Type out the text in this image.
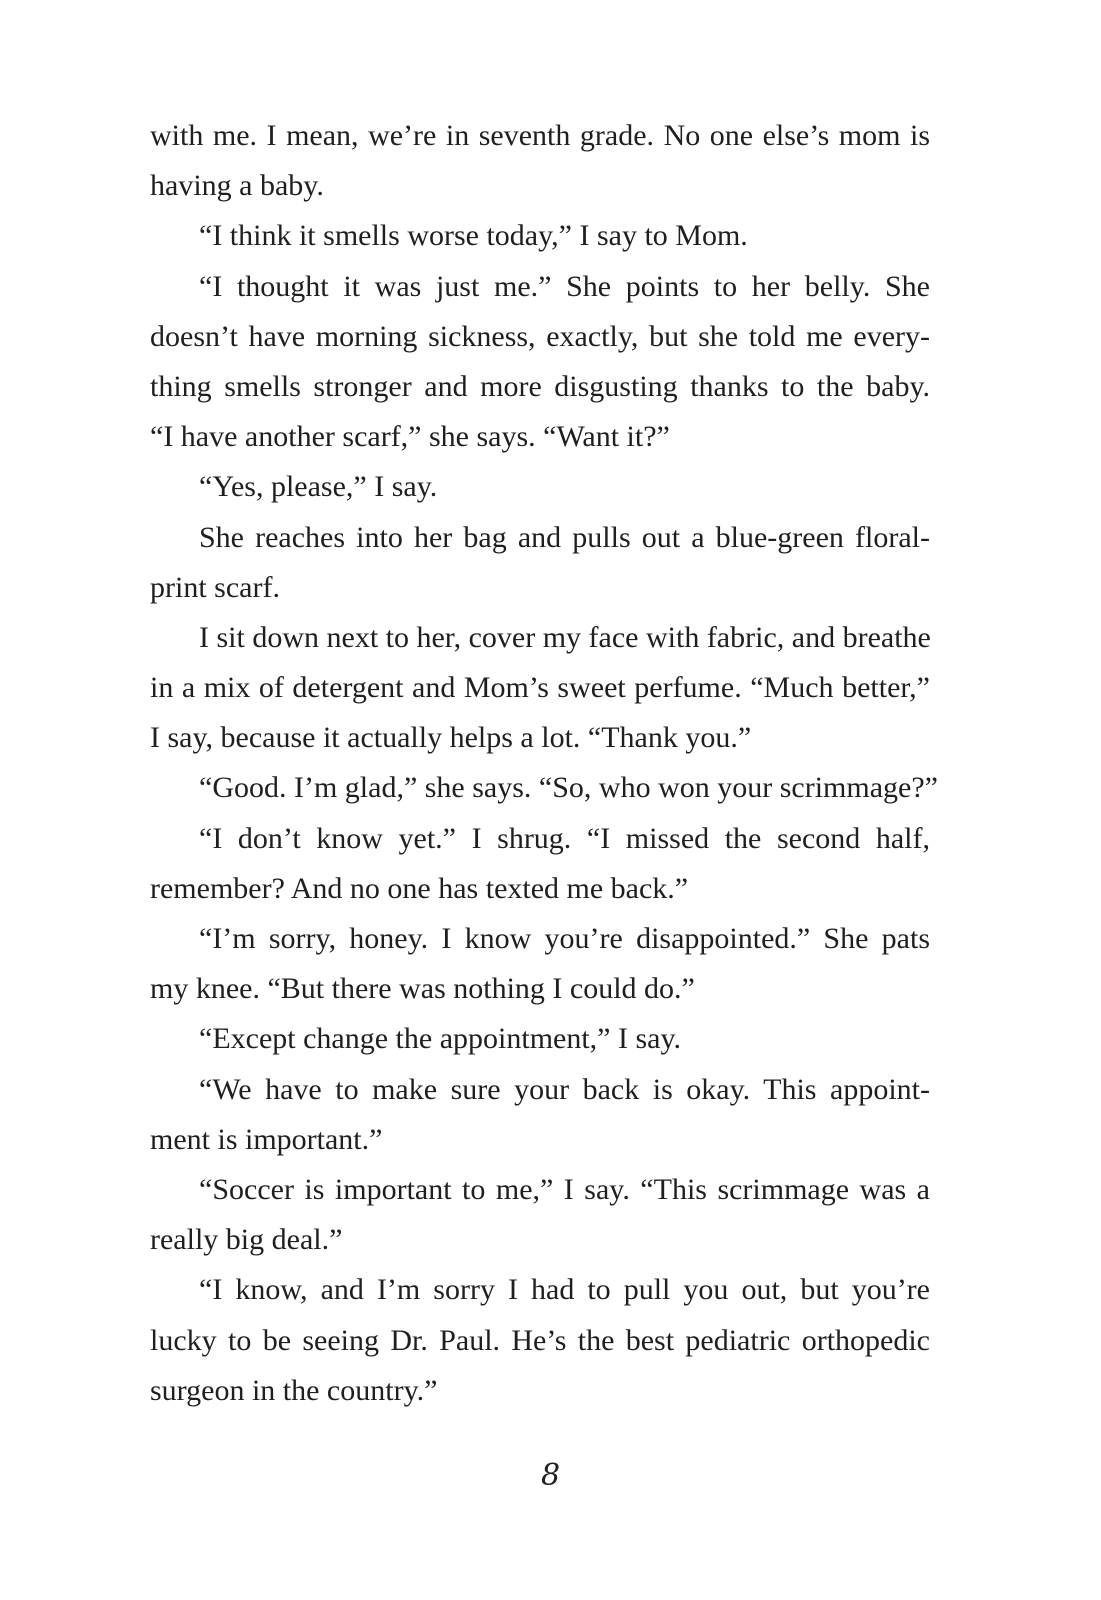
with me. I mean, we’re in seventh grade. No one else’s mom is
having a baby.
“I think it smells worse today,” I say to Mom.
“I thought it was just me.” She points to her belly. She
doesn’t have morning sickness, exactly, but she told me every-
thing smells stronger and more disgusting thanks to the baby.
“I have another scarf,” she says. “Want it?”
“Yes, please,” I say.
She reaches into her bag and pulls out a blue-green floral-
print scarf.
I sit down next to her, cover my face with fabric, and breathe
in a mix of detergent and Mom’s sweet perfume. “Much better,”
I say, because it actually helps a lot. “Thank you.”
“Good. I’m glad,” she says. “So, who won your scrimmage?”
“I don’t know yet.” I shrug. “I missed the second half,
remember? And no one has texted me back.”
“I’m sorry, honey. I know you’re disappointed.” She pats
my knee. “But there was nothing I could do.”
“Except change the appointment,” I say.
“We have to make sure your back is okay. This appoint-
ment is important.”
“Soccer is important to me,” I say. “This scrimmage was a
really big deal.”
“I know, and I’m sorry I had to pull you out, but you’re
lucky to be seeing Dr. Paul. He’s the best pediatric orthopedic
surgeon in the country.”
8
